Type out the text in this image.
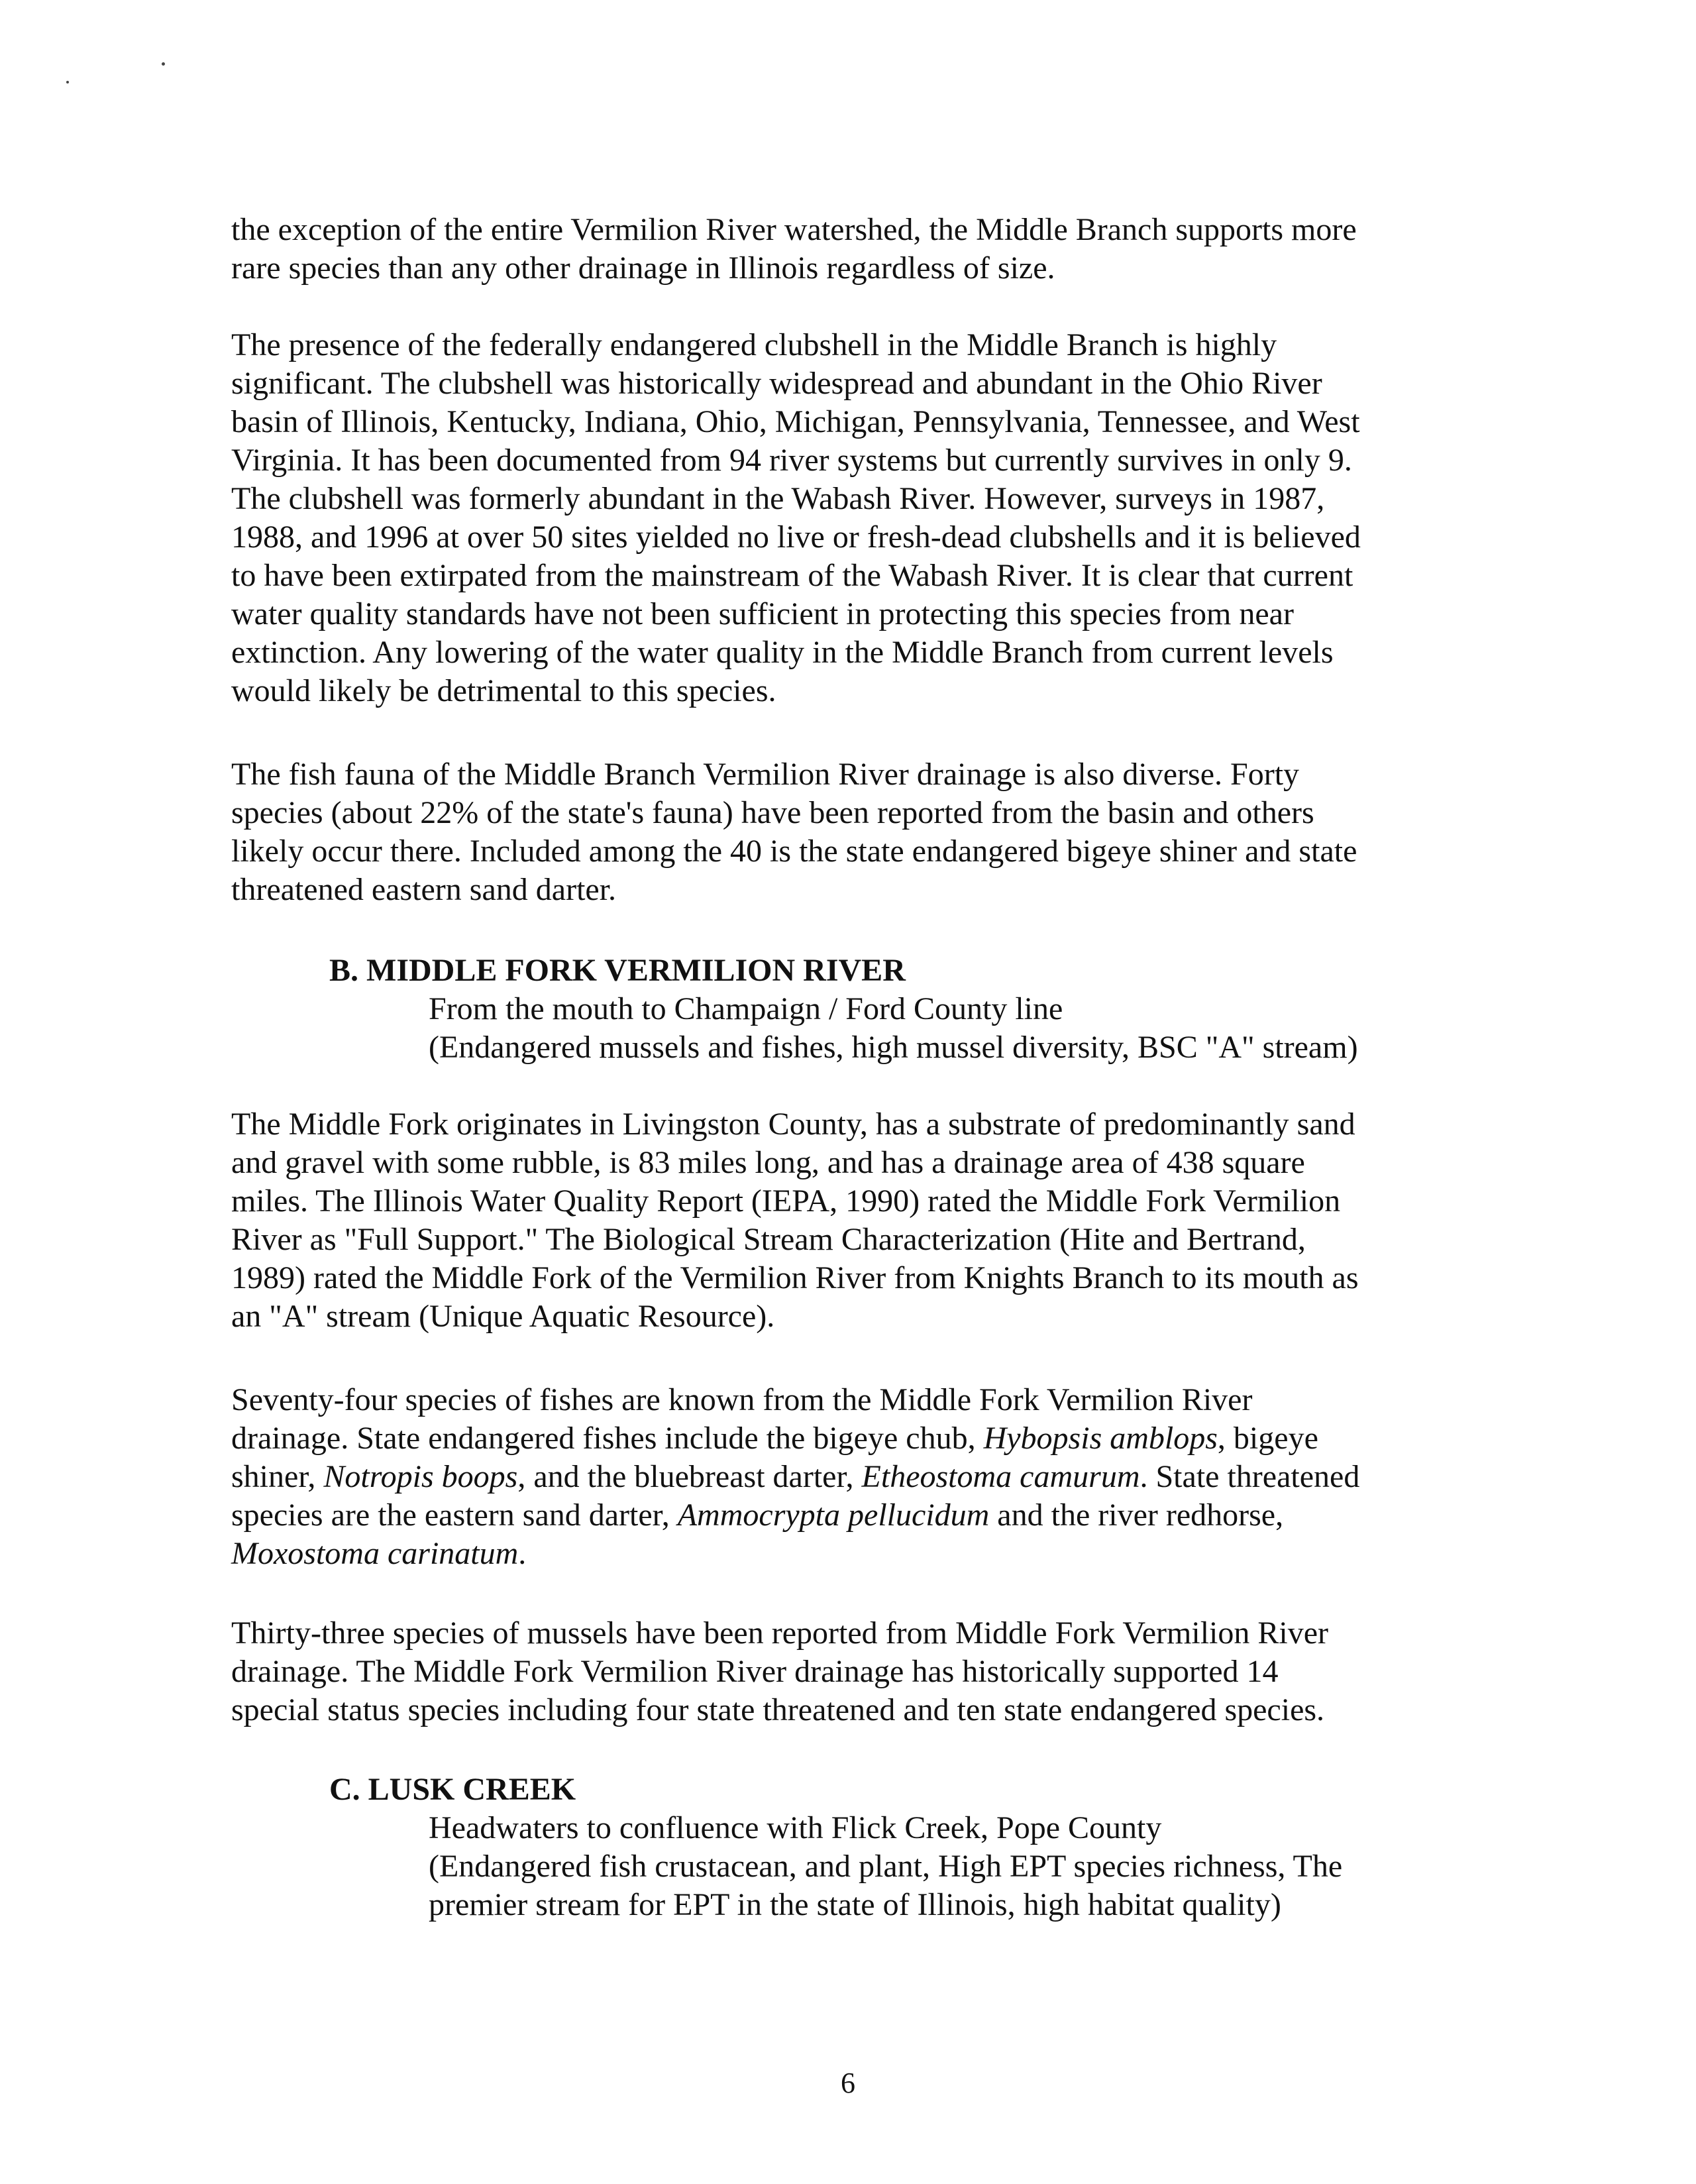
the exception of the entire Vermilion River watershed, the Middle Branch supports more
rare species than any other drainage in Illinois regardless of size.
The presence of the federally endangered clubshell in the Middle Branch is highly
significant. The clubshell was historically widespread and abundant in the Ohio River
basin of Illinois, Kentucky, Indiana, Ohio, Michigan, Pennsylvania, Tennessee, and West
Virginia. It has been documented from 94 river systems but currently survives in only 9.
The clubshell was formerly abundant in the Wabash River. However, surveys in 1987,
1988, and 1996 at over 50 sites yielded no live or fresh-dead clubshells and it is believed
to have been extirpated from the mainstream of the Wabash River. It is clear that current
water quality standards have not been sufficient in protecting this species from near
extinction. Any lowering of the water quality in the Middle Branch from current levels
would likely be detrimental to this species.
The fish fauna of the Middle Branch Vermilion River drainage is also diverse. Forty
species (about 22% of the state's fauna) have been reported from the basin and others
likely occur there. Included among the 40 is the state endangered bigeye shiner and state
threatened eastern sand darter.
B. MIDDLE FORK VERMILION RIVER
From the mouth to Champaign / Ford County line
(Endangered mussels and fishes, high mussel diversity, BSC "A" stream)
The Middle Fork originates in Livingston County, has a substrate of predominantly sand
and gravel with some rubble, is 83 miles long, and has a drainage area of 438 square
miles. The Illinois Water Quality Report (IEPA, 1990) rated the Middle Fork Vermilion
River as "Full Support." The Biological Stream Characterization (Hite and Bertrand,
1989) rated the Middle Fork of the Vermilion River from Knights Branch to its mouth as
an "A" stream (Unique Aquatic Resource).
Seventy-four species of fishes are known from the Middle Fork Vermilion River
drainage. State endangered fishes include the bigeye chub, Hybopsis amblops, bigeye
shiner, Notropis boops, and the bluebreast darter, Etheostoma camurum. State threatened
species are the eastern sand darter, Ammocrypta pellucidum and the river redhorse,
Moxostoma carinatum.
Thirty-three species of mussels have been reported from Middle Fork Vermilion River
drainage. The Middle Fork Vermilion River drainage has historically supported 14
special status species including four state threatened and ten state endangered species.
C. LUSK CREEK
Headwaters to confluence with Flick Creek, Pope County
(Endangered fish crustacean, and plant, High EPT species richness, The
premier stream for EPT in the state of Illinois, high habitat quality)
6
